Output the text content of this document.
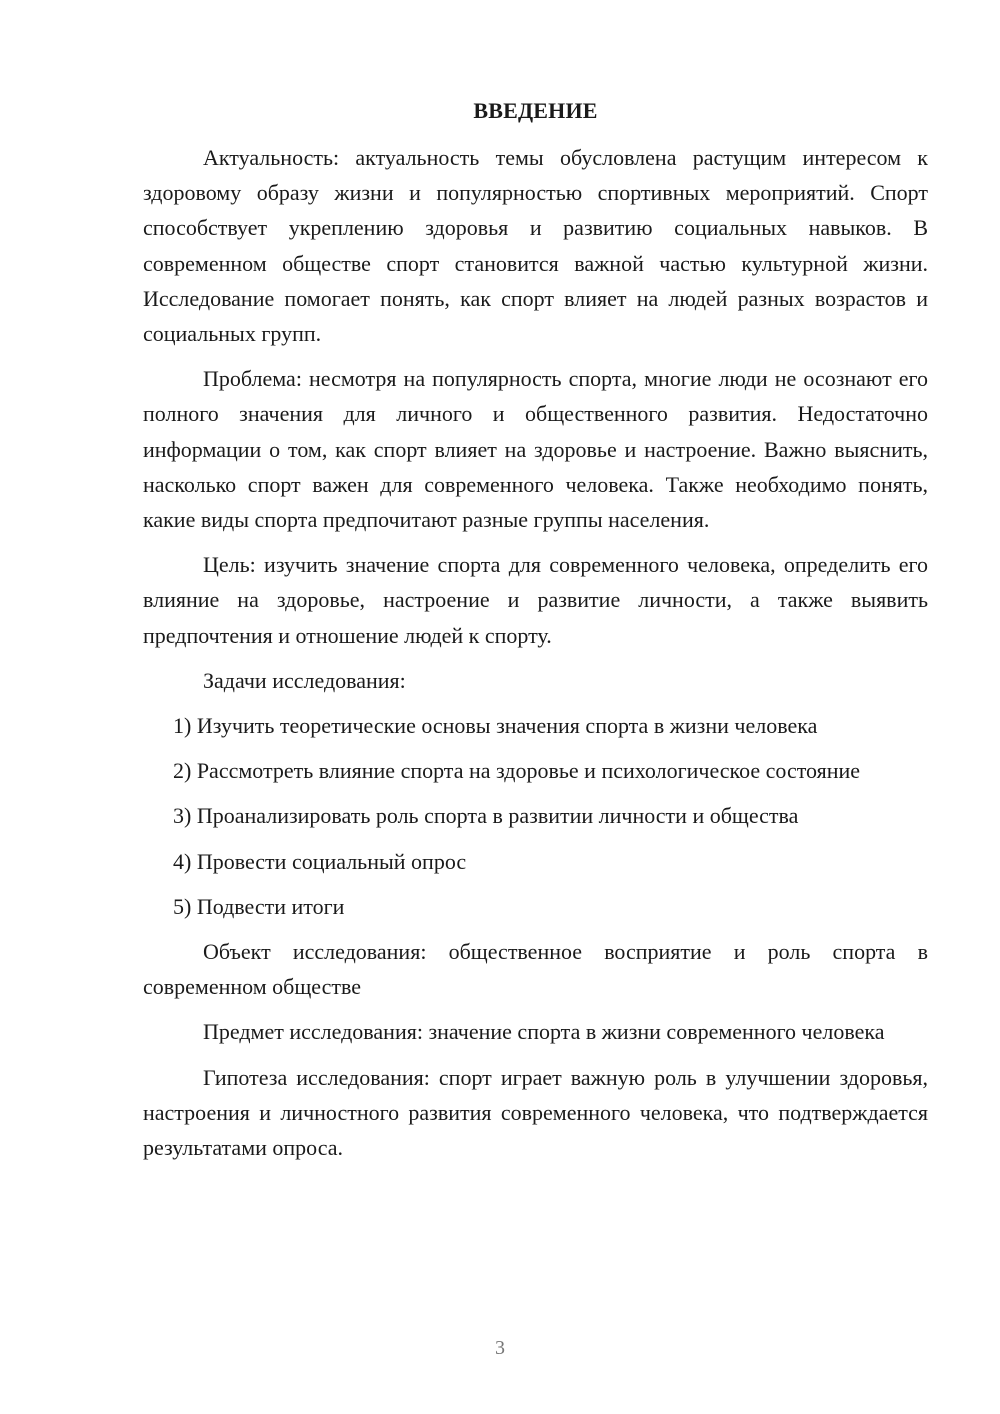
ВВЕДЕНИЕ

Актуальность: актуальность темы обусловлена растущим интересом к здоровому образу жизни и популярностью спортивных мероприятий. Спорт способствует укреплению здоровья и развитию социальных навыков. В современном обществе спорт становится важной частью культурной жизни. Исследование помогает понять, как спорт влияет на людей разных возрастов и социальных групп.

Проблема: несмотря на популярность спорта, многие люди не осознают его полного значения для личного и общественного развития. Недостаточно информации о том, как спорт влияет на здоровье и настроение. Важно выяснить, насколько спорт важен для современного человека. Также необходимо понять, какие виды спорта предпочитают разные группы населения.

Цель: изучить значение спорта для современного человека, определить его влияние на здоровье, настроение и развитие личности, а также выявить предпочтения и отношение людей к спорту.

Задачи исследования:

1) Изучить теоретические основы значения спорта в жизни человека

2) Рассмотреть влияние спорта на здоровье и психологическое состояние

3) Проанализировать роль спорта в развитии личности и общества

4) Провести социальный опрос

5) Подвести итоги

Объект исследования: общественное восприятие и роль спорта в современном обществе

Предмет исследования: значение спорта в жизни современного человека

Гипотеза исследования: спорт играет важную роль в улучшении здоровья, настроения и личностного развития современного человека, что подтверждается результатами опроса.

3
